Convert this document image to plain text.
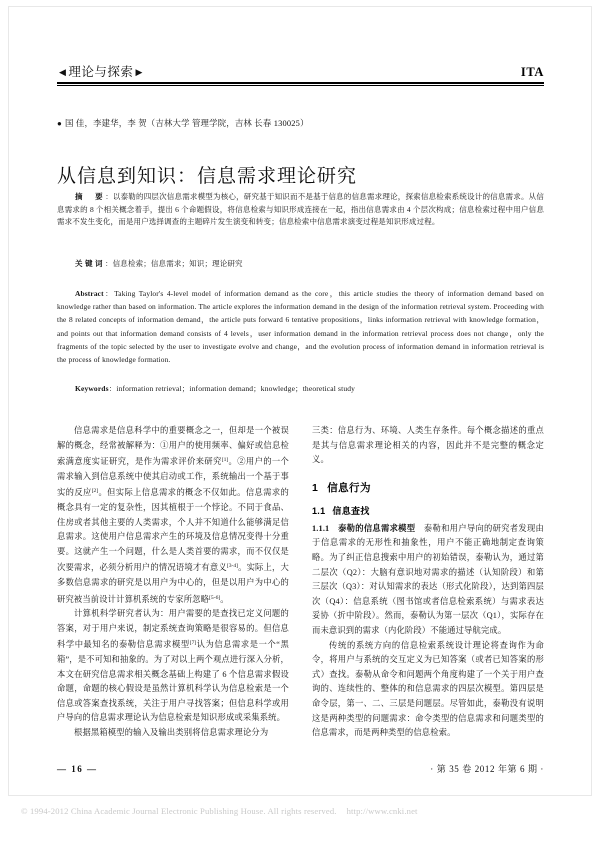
◀ 理论与探索 ▶	ITA
● 国 佳，李建华，李 贺（吉林大学 管理学院，吉林 长春 130025）
从信息到知识：信息需求理论研究
摘　要：以泰勒的四层次信息需求模型为核心，研究基于知识而不是基于信息的信息需求理论，探索信息检索系统设计的信息需求。从信息需求的 8 个相关概念着手，提出 6 个命题假设，将信息检索与知识形成连接在一起，指出信息需求由 4 个层次构成；信息检索过程中用户信息需求不发生变化，而是用户选择调查的主题碎片发生演变和转变；信息检索中信息需求演变过程是知识形成过程。
关键词：信息检索；信息需求；知识；理论研究
Abstract：Taking Taylor's 4-level model of information demand as the core，this article studies the theory of information demand based on knowledge rather than based on information. The article explores the information demand in the design of the information retrieval system. Proceeding with the 8 related concepts of information demand，the article puts forward 6 tentative propositions，links information retrieval with knowledge formation，and points out that information demand consists of 4 levels，user information demand in the information retrieval process does not change，only the fragments of the topic selected by the user to investigate evolve and change，and the evolution process of information demand in information retrieval is the process of knowledge formation.
Keywords：information retrieval；information demand；knowledge；theoretical study

信息需求是信息科学中的重要概念之一，但却是一个被误解的概念，经常被解释为：①用户的使用频率、偏好或信息检索满意度实证研究，是作为需求评价来研究[1]。②用户的一个需求输入到信息系统中使其启动或工作，系统输出一个基于事实的反应[2]。但实际上信息需求的概念不仅如此。信息需求的概念具有一定的复杂性，因其植根于一个悖论。不同于食品、住房或者其他主要的人类需求，个人并不知道什么能够满足信息需求。这使用户信息需求产生的环境及信息情况变得十分重要。这就产生一个问题，什么是人类首要的需求，而不仅仅是次要需求，必须分析用户的情况语境才有意义[3-4]。实际上，大多数信息需求的研究是以用户为中心的，但是以用户为中心的研究被当前设计计算机系统的专家所忽略[5-6]。

计算机科学研究者认为：用户需要的是查找已定义问题的答案，对于用户来说，制定系统查询策略是很容易的。但信息科学中最知名的泰勒信息需求模型[7]认为信息需求是一个“黑箱”，是不可知和抽象的。为了对以上两个观点进行深入分析，本文在研究信息需求相关概念基础上构建了 6 个信息需求假设命题，命题的核心假设是虽然计算机科学认为信息检索是一个信息或答案查找系统，关注于用户寻找答案；但信息科学或用户导向的信息需求理论认为信息检索是知识形成或采集系统。

根据黑箱模型的输入及输出类别将信息需求理论分为

三类：信息行为、环境、人类生存条件。每个概念描述的重点是其与信息需求理论相关的内容，因此并不是完整的概念定义。

1 信息行为
1.1 信息查找

1.1.1　泰勒的信息需求模型　泰勒和用户导向的研究者发现由于信息需求的无形性和抽象性，用户不能正确地制定查询策略。为了纠正信息搜索中用户的初始错误，泰勒认为，通过第二层次（Q2）：大脑有意识地对需求的描述（认知阶段）和第三层次（Q3）：对认知需求的表达（形式化阶段），达到第四层次（Q4）：信息系统（图书馆或者信息检索系统）与需求表达妥协（折中阶段）。然而，泰勒认为第一层次（Q1），实际存在而未意识到的需求（内化阶段）不能通过导航完成。

传统的系统方向的信息检索系统设计理论将查询作为命令，将用户与系统的交互定义为已知答案（或者已知答案的形式）查找。泰勒从命令和问题两个角度构建了一个关于用户查询的、连续性的、整体的和信息需求的四层次模型。第四层是命令层，第一、二、三层是问题层。尽管如此，泰勒没有说明这是两种类型的问题需求：命令类型的信息需求和问题类型的信息需求，而是两种类型的信息检索。

— 16 —	· 第 35 卷 2012 年第 6 期 ·
© 1994-2012 China Academic Journal Electronic Publishing House. All rights reserved. http://www.cnki.net
